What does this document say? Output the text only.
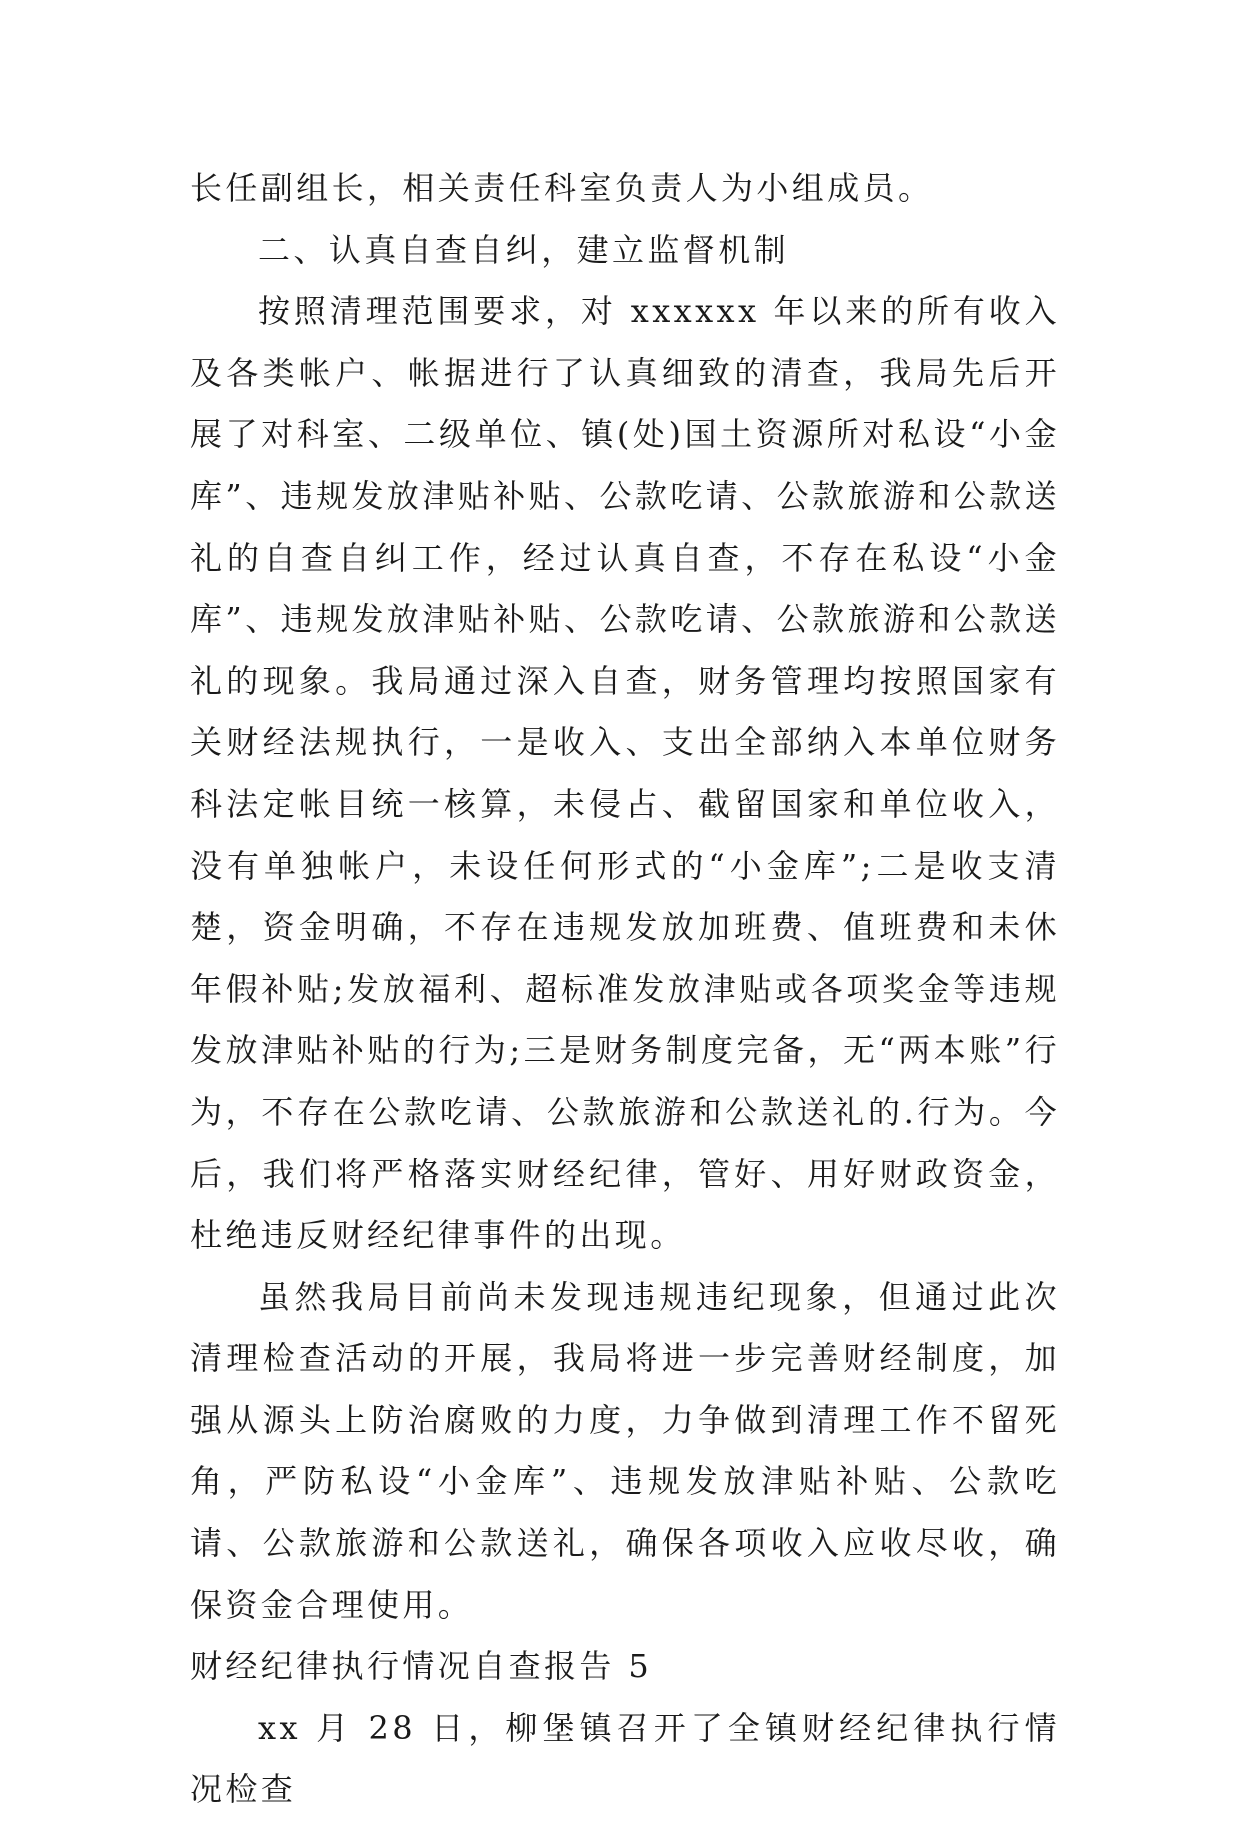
长任副组长，相关责任科室负责人为小组成员。

二、认真自查自纠，建立监督机制

按照清理范围要求，对 xxxxxx 年以来的所有收入及各类帐户、帐据进行了认真细致的清查，我局先后开展了对科室、二级单位、镇(处)国土资源所对私设“小金库”、违规发放津贴补贴、公款吃请、公款旅游和公款送礼的自查自纠工作，经过认真自查，不存在私设“小金库”、违规发放津贴补贴、公款吃请、公款旅游和公款送礼的现象。我局通过深入自查，财务管理均按照国家有关财经法规执行，一是收入、支出全部纳入本单位财务科法定帐目统一核算，未侵占、截留国家和单位收入，没有单独帐户，未设任何形式的“小金库”;二是收支清楚，资金明确，不存在违规发放加班费、值班费和未休年假补贴;发放福利、超标准发放津贴或各项奖金等违规发放津贴补贴的行为;三是财务制度完备，无“两本账”行为，不存在公款吃请、公款旅游和公款送礼的.行为。今后，我们将严格落实财经纪律，管好、用好财政资金，杜绝违反财经纪律事件的出现。

虽然我局目前尚未发现违规违纪现象，但通过此次清理检查活动的开展，我局将进一步完善财经制度，加强从源头上防治腐败的力度，力争做到清理工作不留死角，严防私设“小金库”、违规发放津贴补贴、公款吃请、公款旅游和公款送礼，确保各项收入应收尽收，确保资金合理使用。

财经纪律执行情况自查报告 5

xx 月 28 日，柳堡镇召开了全镇财经纪律执行情况检查
